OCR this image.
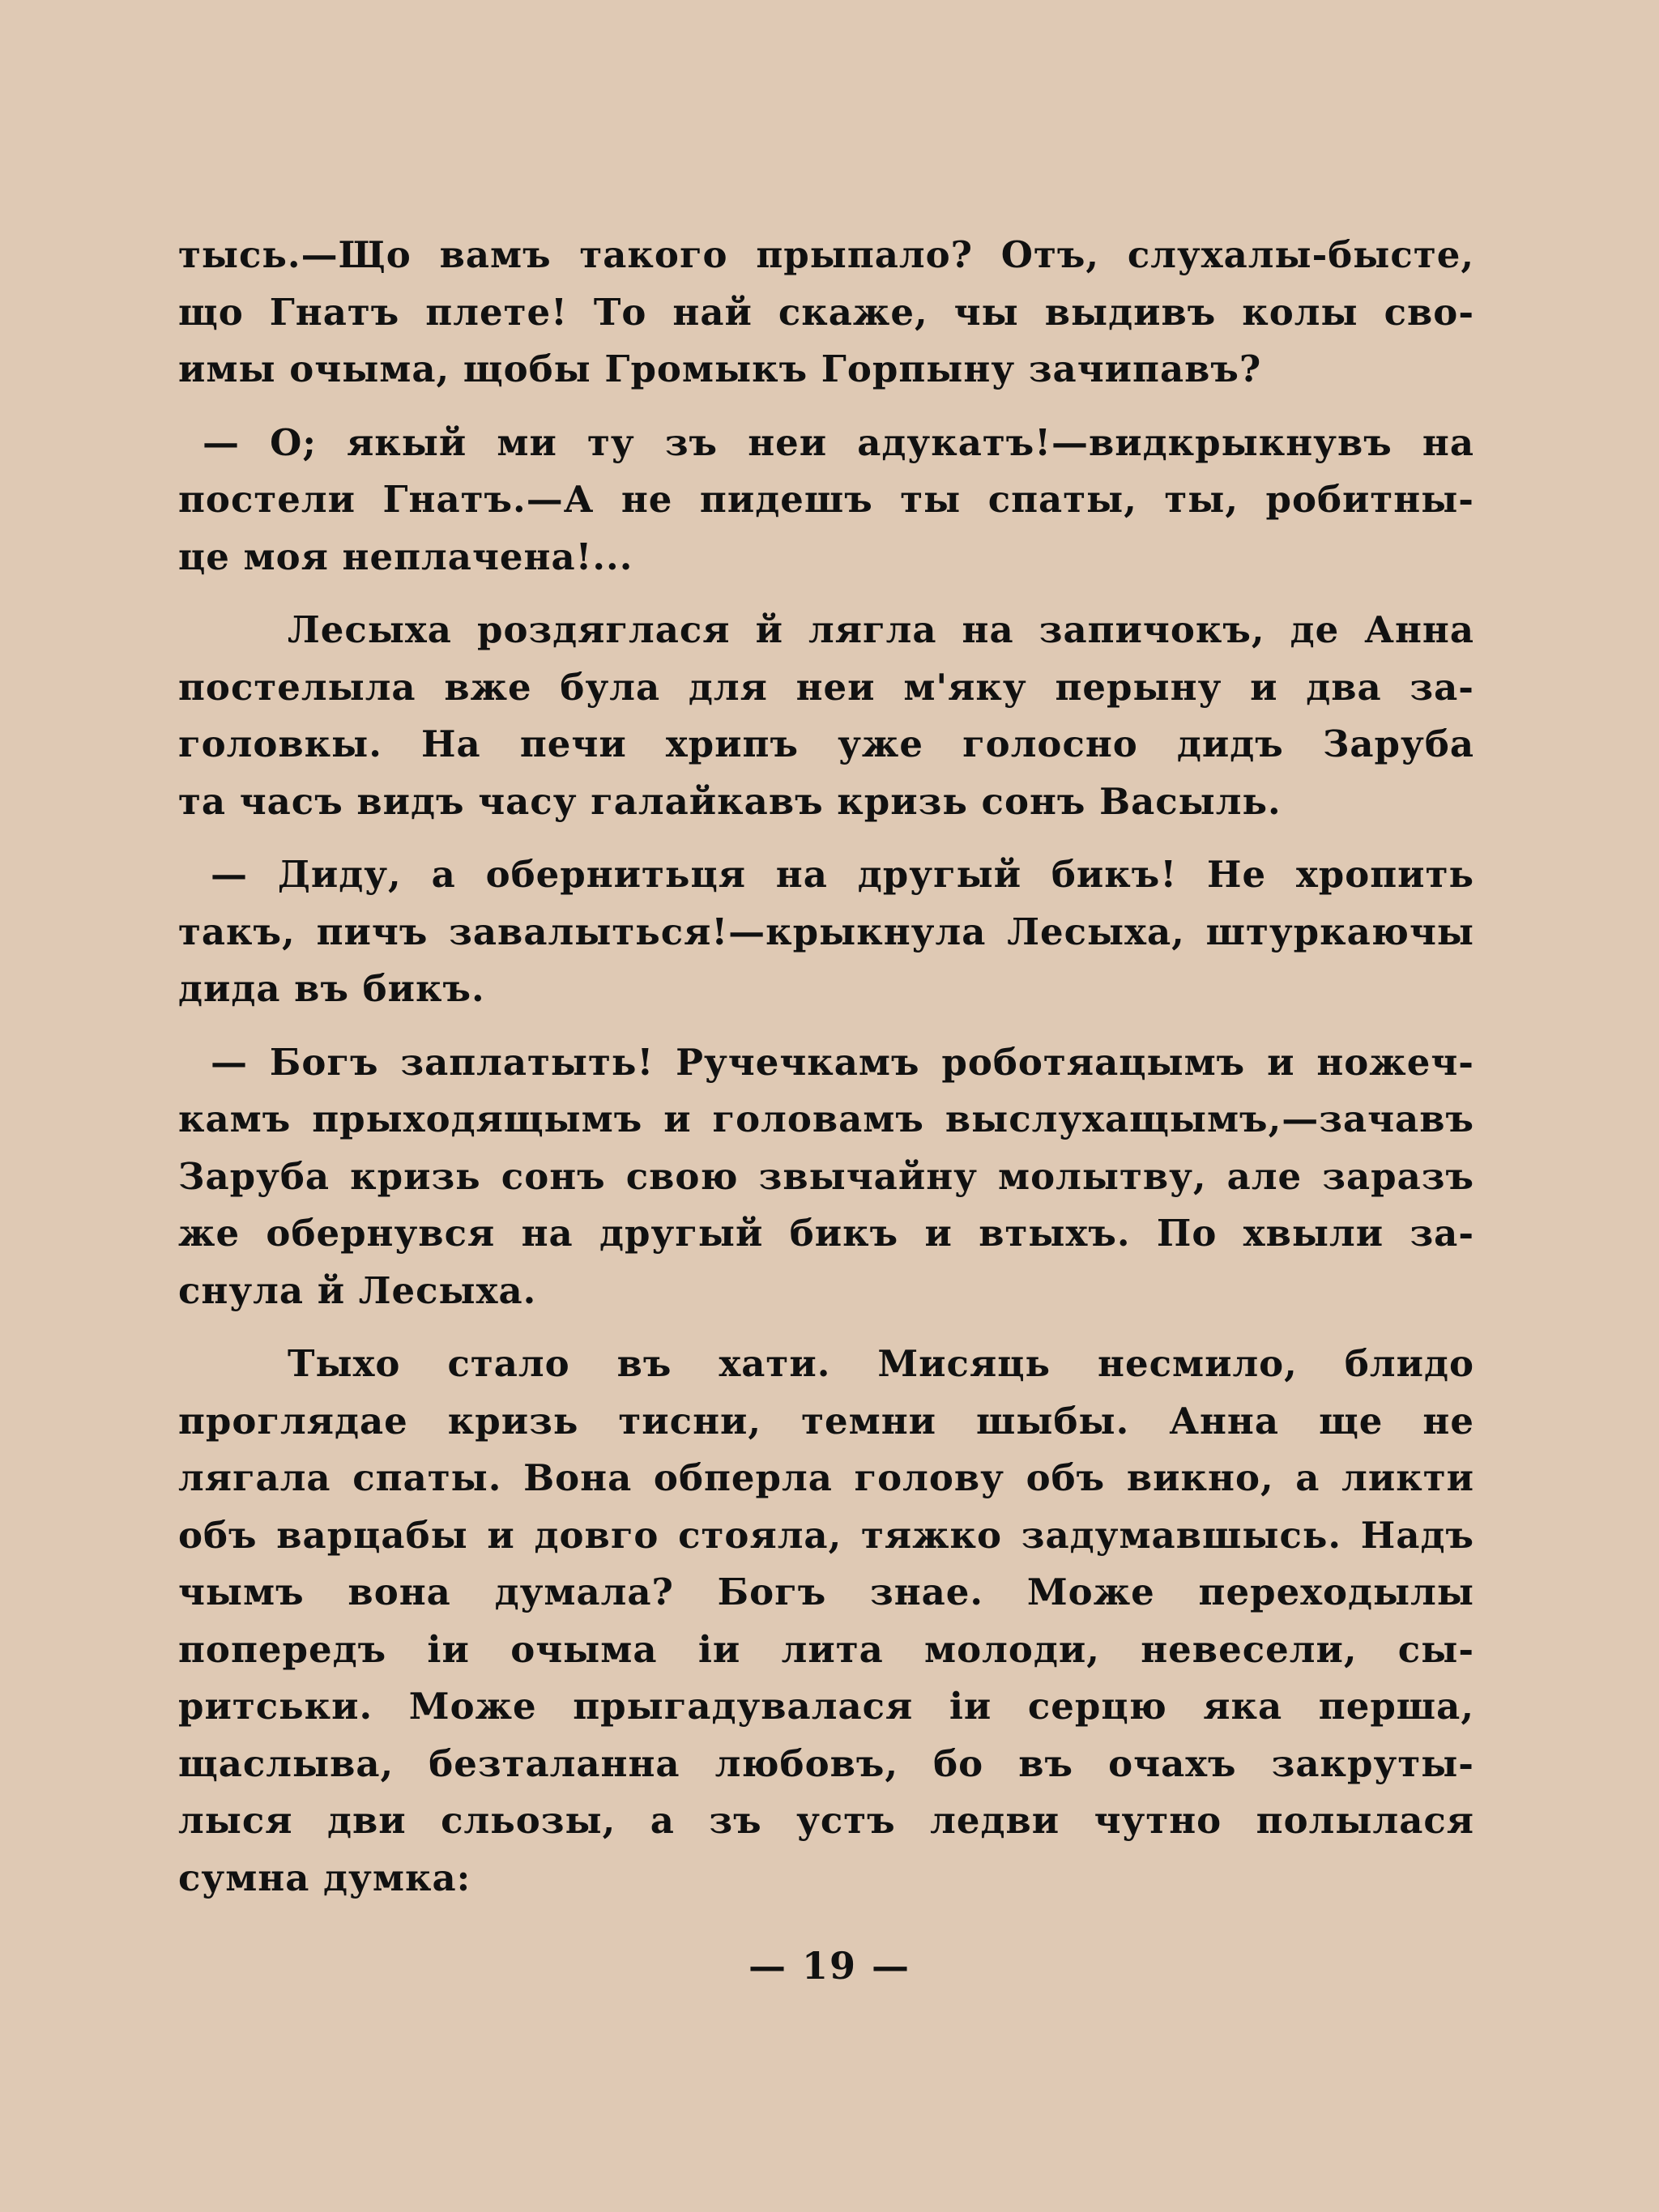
тысь.—Що вамъ такого прыпало? Отъ, слухалы-бысте,
що Гнатъ плете! То най скаже, чы выдивъ колы сво-
имы очыма, щобы Громыкъ Горпыну зачипавъ?
— О; якый ми ту зъ неи адукатъ!—видкрыкнувъ на
постели Гнатъ.—А не пидешъ ты спаты, ты, робитны-
це моя неплачена!...
Лесыха роздяглася й лягла на запичокъ, де Анна
постелыла вже була для неи м'яку перыну и два за-
головкы. На печи хрипъ уже голосно дидъ Заруба
та часъ видъ часу галайкавъ кризь сонъ Васыль.
— Диду, а обернитьця на другый бикъ! Не хропить
такъ, пичъ завалыться!—крыкнула Лесыха, штуркаючы
дида въ бикъ.
— Богъ заплатыть! Ручечкамъ роботяацымъ и ножеч-
камъ прыходящымъ и головамъ выслухащымъ,—зачавъ
Заруба кризь сонъ свою звычайну молытву, але заразъ
же обернувся на другый бикъ и втыхъ. По хвыли за-
снула й Лесыха.
Тыхо стало въ хати. Мисяць несмило, блидо
проглядае кризь тисни, темни шыбы. Анна ще не
лягала спаты. Вона обперла голову объ викно, а ликти
объ варцабы и довго стояла, тяжко задумавшысь. Надъ
чымъ вона думала? Богъ знае. Може переходылы
попередъ іи очыма іи лита молоди, невесели, сы-
ритськи. Може прыгадувалася іи серцю яка перша,
щаслыва, безталанна любовъ, бо въ очахъ закруты-
лыся дви сльозы, а зъ устъ ледви чутно полылася
сумна думка:
— 19 —
